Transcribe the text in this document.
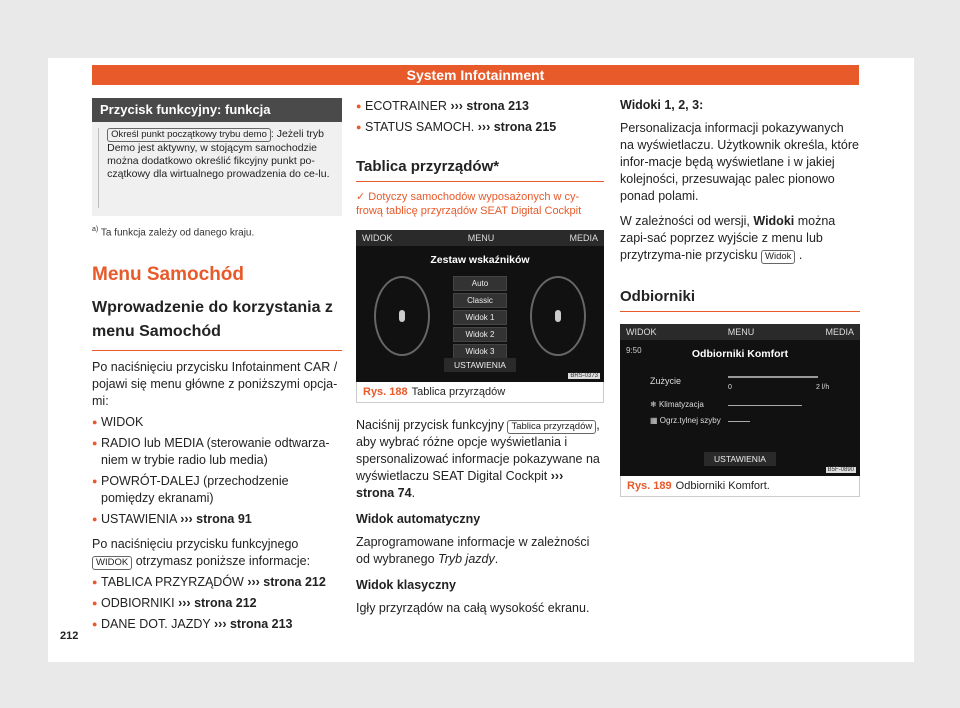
System Infotainment
Przycisk funkcyjny: funkcja
Określ punkt początkowy trybu demo : Jeżeli tryb Demo jest aktywny, w stojącym samochodzie można dodatkowo określić fikcyjny punkt po-czątkowy dla wirtualnego prowadzenia do ce-lu.
$^{a)}$ Ta funkcja zależy od danego kraju.
Menu Samochód
Wprowadzenie do korzystania z menu Samochód

Po naciśnięciu przycisku Infotainment CAR / pojawi się menu główne z poniższymi opcja-mi:

● WIDOK
● RADIO lub MEDIA (sterowanie odtwarza-niem w trybie radio lub media)
● POWRÓT-DALEJ (przechodzenie pomiędzy ekranami)
● USTAWIENIA ››› strona 91

Po naciśnięciu przycisku funkcyjnego WIDOK otrzymasz poniższe informacje:

● TABLICA PRZYRZĄDÓW ››› strona 212
● ODBIORNIKI ››› strona 212
● DANE DOT. JAZDY ››› strona 213
● ECOTRAINER ››› strona 213
● STATUS SAMOCH. ››› strona 215
Tablica przyrządów*
✓ Dotyczy samochodów wyposażonych w cy-frową tablicę przyrządów SEAT Digital Cockpit
WIDOK	MENU	MEDIA
Zestaw wskaźników
Auto
Classic
Widok 1
Widok 2
Widok 3
USTAWIENIA
BRS-0373
Rys. 188 Tablica przyrządów

Naciśnij przycisk funkcyjny Tablica przyrządów , aby wybrać różne opcje wyświetlania i spersonalizować informacje pokazywane na wyświetlaczu SEAT Digital Cockpit ››› strona 74.

Widok automatyczny

Zaprogramowane informacje w zależności od wybranego Tryb jazdy.

Widok klasyczny

Igły przyrządów na całą wysokość ekranu.

Widoki 1, 2, 3:

Personalizacja informacji pokazywanych na wyświetlaczu. Użytkownik określa, które infor-macje będą wyświetlane i w jakiej kolejności, przesuwając palec pionowo ponad polami.

W zależności od wersji, Widoki można zapi-sać poprzez wyjście z menu lub przytrzyma-nie przycisku Widok .

Odbiorniki
WIDOK	MENU	MEDIA
9:50	Odbiorniki Komfort
Zużycie
0	2 l/h
❄ Klimatyzacja
▦ Ogrz.tylnej szyby
USTAWIENIA
B5F-0890
Rys. 189 Odbiorniki Komfort.
212
